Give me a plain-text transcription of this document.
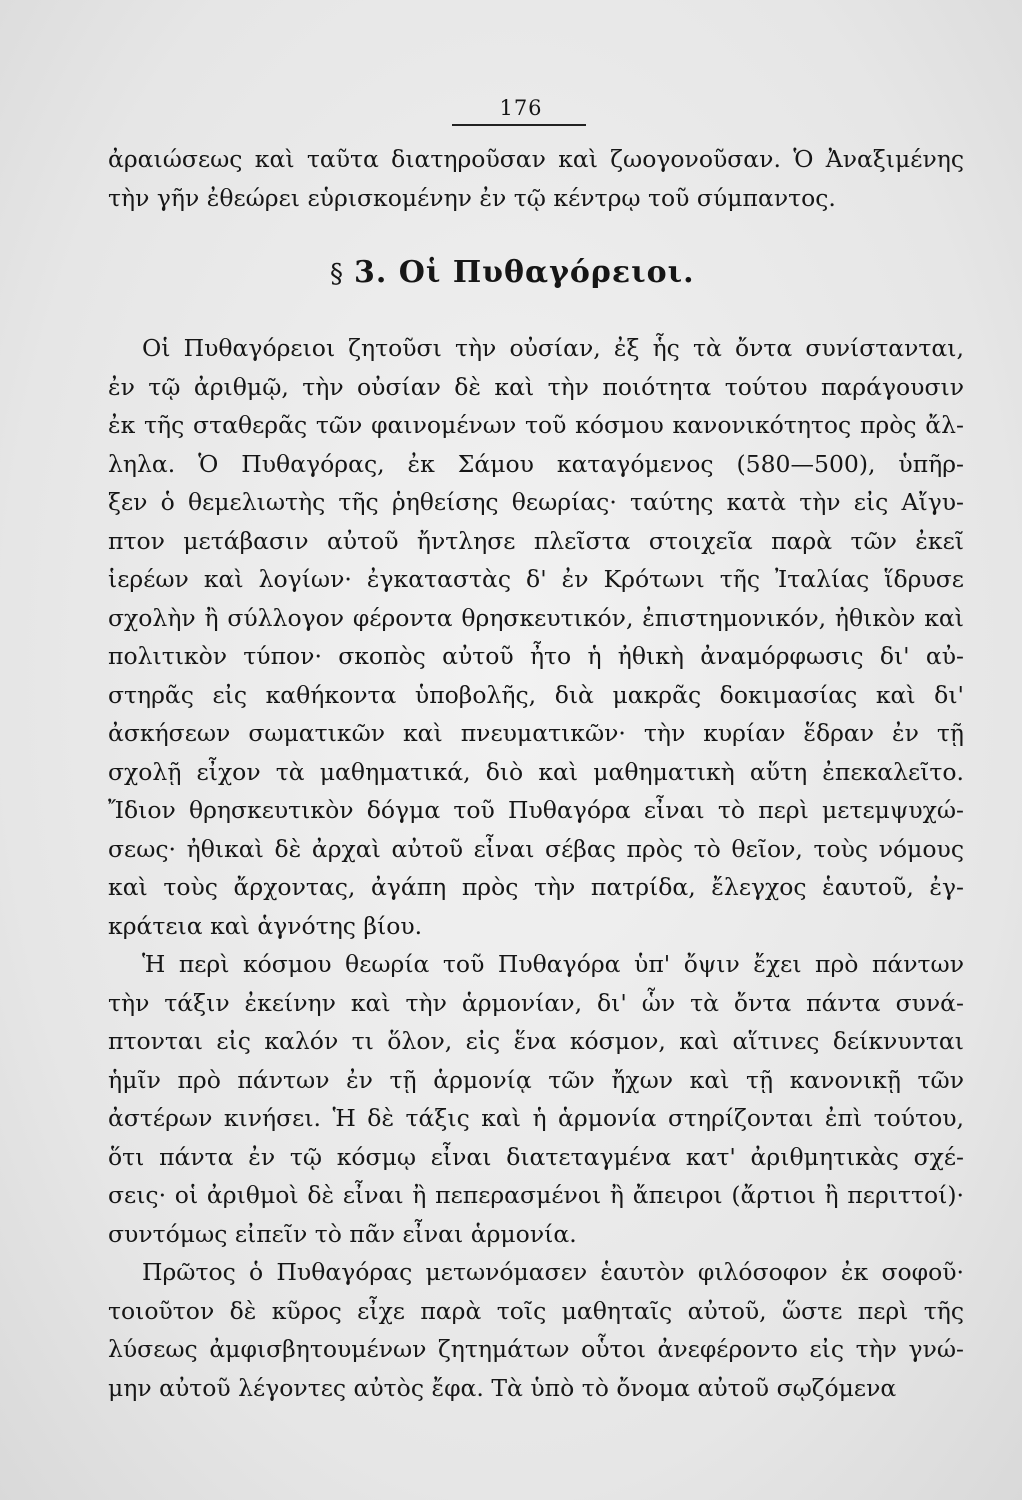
176
ἀραιώσεως καὶ ταῦτα διατηροῦσαν καὶ ζωογονοῦσαν. Ὁ Ἀναξιμένης
τὴν γῆν ἐθεώρει εὑρισκομένην ἐν τῷ κέντρῳ τοῦ σύμπαντος.
§ 3. Οἱ Πυθαγόρειοι.
Οἱ Πυθαγόρειοι ζητοῦσι τὴν οὐσίαν, ἐξ ἧς τὰ ὄντα συνίστανται,
ἐν τῷ ἀριθμῷ, τὴν οὐσίαν δὲ καὶ τὴν ποιότητα τούτου παράγουσιν
ἐκ τῆς σταθερᾶς τῶν φαινομένων τοῦ κόσμου κανονικότητος πρὸς ἄλ-
ληλα. Ὁ Πυθαγόρας, ἐκ Σάμου καταγόμενος (580—500), ὑπῆρ-
ξεν ὁ θεμελιωτὴς τῆς ῥηθείσης θεωρίας· ταύτης κατὰ τὴν εἰς Αἴγυ-
πτον μετάβασιν αὐτοῦ ἤντλησε πλεῖστα στοιχεῖα παρὰ τῶν ἐκεῖ
ἱερέων καὶ λογίων· ἐγκαταστὰς δ' ἐν Κρότωνι τῆς Ἰταλίας ἵδρυσε
σχολὴν ἢ σύλλογον φέροντα θρησκευτικόν, ἐπιστημονικόν, ἠθικὸν καὶ
πολιτικὸν τύπον· σκοπὸς αὐτοῦ ἦτο ἡ ἠθικὴ ἀναμόρφωσις δι' αὐ-
στηρᾶς εἰς καθήκοντα ὑποβολῆς, διὰ μακρᾶς δοκιμασίας καὶ δι'
ἀσκήσεων σωματικῶν καὶ πνευματικῶν· τὴν κυρίαν ἕδραν ἐν τῇ
σχολῇ εἶχον τὰ μαθηματικά, διὸ καὶ μαθηματικὴ αὕτη ἐπεκαλεῖτο.
Ἴδιον θρησκευτικὸν δόγμα τοῦ Πυθαγόρα εἶναι τὸ περὶ μετεμψυχώ-
σεως· ἠθικαὶ δὲ ἀρχαὶ αὐτοῦ εἶναι σέβας πρὸς τὸ θεῖον, τοὺς νόμους
καὶ τοὺς ἄρχοντας, ἀγάπη πρὸς τὴν πατρίδα, ἔλεγχος ἑαυτοῦ, ἐγ-
κράτεια καὶ ἁγνότης βίου.
Ἡ περὶ κόσμου θεωρία τοῦ Πυθαγόρα ὑπ' ὄψιν ἔχει πρὸ πάντων
τὴν τάξιν ἐκείνην καὶ τὴν ἁρμονίαν, δι' ὧν τὰ ὄντα πάντα συνά-
πτονται εἰς καλόν τι ὅλον, εἰς ἕνα κόσμον, καὶ αἵτινες δείκνυνται
ἡμῖν πρὸ πάντων ἐν τῇ ἁρμονίᾳ τῶν ἤχων καὶ τῇ κανονικῇ τῶν
ἀστέρων κινήσει. Ἡ δὲ τάξις καὶ ἡ ἁρμονία στηρίζονται ἐπὶ τούτου,
ὅτι πάντα ἐν τῷ κόσμῳ εἶναι διατεταγμένα κατ' ἀριθμητικὰς σχέ-
σεις· οἱ ἀριθμοὶ δὲ εἶναι ἢ πεπερασμένοι ἢ ἄπειροι (ἄρτιοι ἢ περιττοί)·
συντόμως εἰπεῖν τὸ πᾶν εἶναι ἁρμονία.
Πρῶτος ὁ Πυθαγόρας μετωνόμασεν ἑαυτὸν φιλόσοφον ἐκ σοφοῦ·
τοιοῦτον δὲ κῦρος εἶχε παρὰ τοῖς μαθηταῖς αὐτοῦ, ὥστε περὶ τῆς
λύσεως ἀμφισβητουμένων ζητημάτων οὗτοι ἀνεφέροντο εἰς τὴν γνώ-
μην αὐτοῦ λέγοντες αὐτὸς ἔφα. Τὰ ὑπὸ τὸ ὄνομα αὐτοῦ σῳζόμενα
